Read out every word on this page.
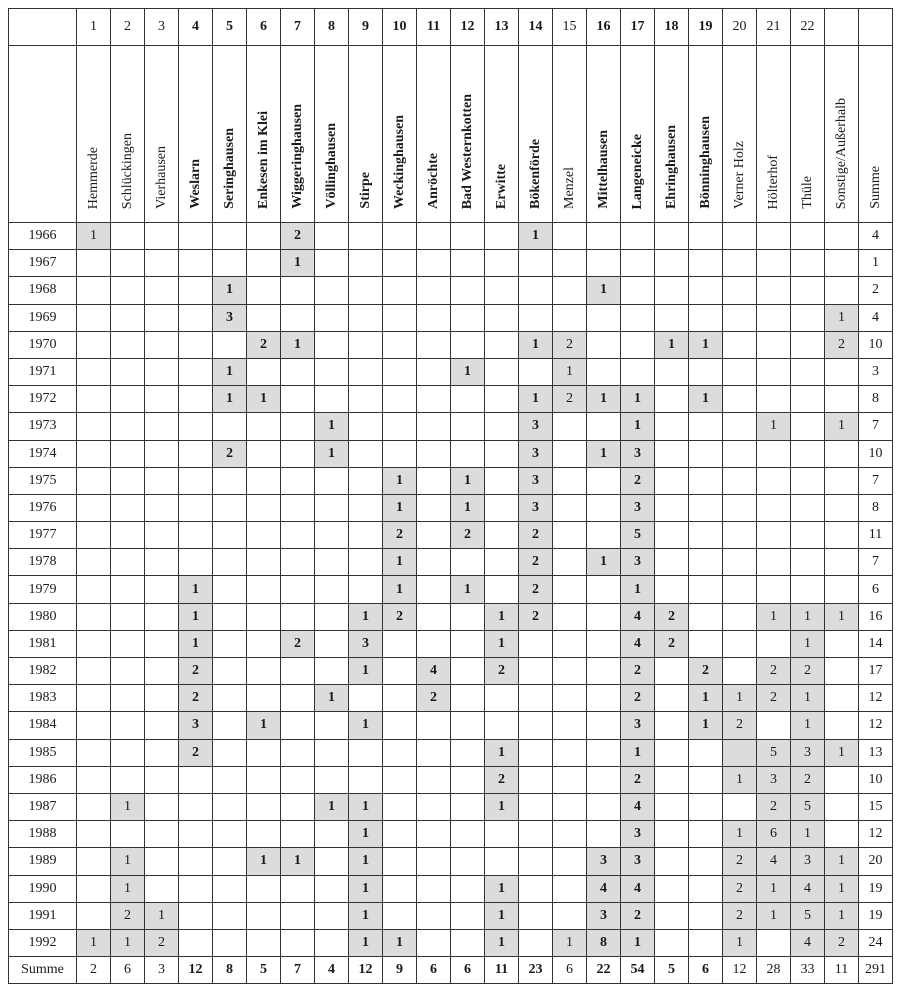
	1	2	3	4	5	6	7	8	9	10	11	12	13	14	15	16	17	18	19	20	21	22		
	Hemmerde	Schlückingen	Vierhausen	Weslarn	Seringhausen	Enkesen im Klei	Wiggeringhausen	Völlinghausen	Stirpe	Weckinghausen	Anröchte	Bad Westernkotten	Erwitte	Bökenförde	Menzel	Mittelhausen	Langeneicke	Ehringhausen	Bönninghausen	Verner Holz	Hölterhof	Thüle	Sonstige/Außerhalb	Summe
1966	1						2							1										4
1967							1																	1
1968					1											1								2
1969					3																		1	4
1970						2	1							1	2			1	1				2	10
1971					1							1			1									3
1972					1	1								1	2	1	1		1					8
1973								1						3			1				1		1	7
1974					2			1						3		1	3							10
1975										1		1		3			2							7
1976										1		1		3			3							8
1977										2		2		2			5							11
1978										1				2		1	3							7
1979				1						1		1		2			1							6
1980				1					1	2			1	2			4	2			1	1	1	16
1981				1			2		3				1				4	2				1		14
1982				2					1		4		2				2		2		2	2		17
1983				2				1			2						2		1	1	2	1		12
1984				3		1			1								3		1	2		1		12
1985				2									1				1				5	3	1	13
1986													2				2			1	3	2		10
1987		1						1	1				1				4				2	5		15
1988									1								3			1	6	1		12
1989		1				1	1		1							3	3			2	4	3	1	20
1990		1							1				1			4	4			2	1	4	1	19
1991		2	1						1				1			3	2			2	1	5	1	19
1992	1	1	2						1	1			1		1	8	1			1		4	2	24
Summe	2	6	3	12	8	5	7	4	12	9	6	6	11	23	6	22	54	5	6	12	28	33	11	291
